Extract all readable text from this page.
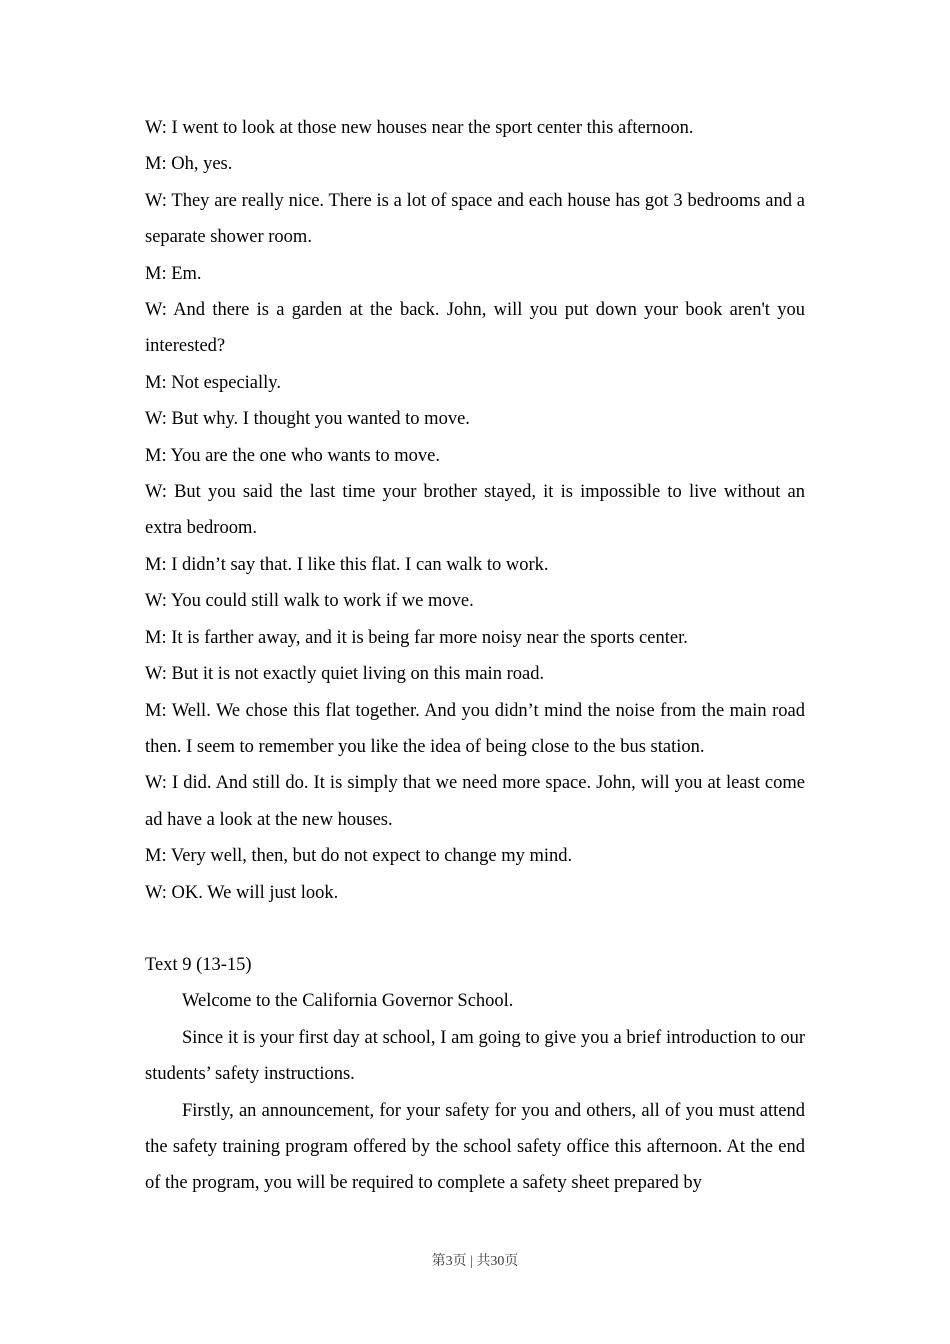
W: I went to look at those new houses near the sport center this afternoon.

M: Oh, yes.

W: They are really nice. There is a lot of space and each house has got 3 bedrooms and a separate shower room.

M: Em.

W: And there is a garden at the back. John, will you put down your book aren't you interested?

M: Not especially.

W: But why. I thought you wanted to move.

M: You are the one who wants to move.

W: But you said the last time your brother stayed, it is impossible to live without an extra bedroom.

M: I didn’t say that. I like this flat. I can walk to work.

W: You could still walk to work if we move.

M: It is farther away, and it is being far more noisy near the sports center.

W: But it is not exactly quiet living on this main road.

M: Well. We chose this flat together. And you didn’t mind the noise from the main road then. I seem to remember you like the idea of being close to the bus station.

W: I did. And still do. It is simply that we need more space. John, will you at least come ad have a look at the new houses.

M: Very well, then, but do not expect to change my mind.

W: OK. We will just look.

Text 9 (13-15)

Welcome to the California Governor School.

Since it is your first day at school, I am going to give you a brief introduction to our students’ safety instructions.

Firstly, an announcement, for your safety for you and others, all of you must attend the safety training program offered by the school safety office this afternoon. At the end of the program, you will be required to complete a safety sheet prepared by

第3页 | 共30页
